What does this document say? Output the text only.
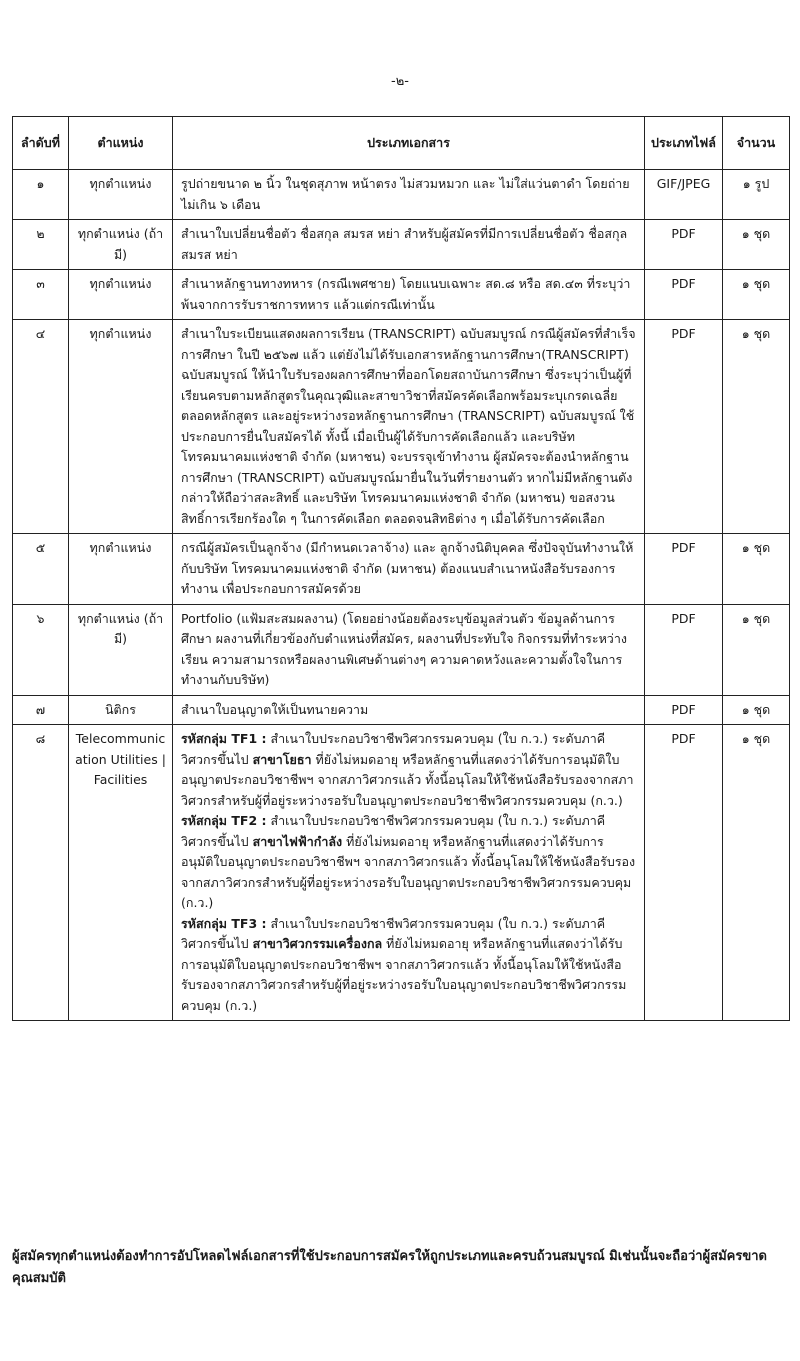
-๒-
ลำดับที่	ตำแหน่ง	ประเภทเอกสาร	ประเภทไฟล์	จำนวน
๑	ทุกตำแหน่ง	รูปถ่ายขนาด ๒ นิ้ว ในชุดสุภาพ หน้าตรง ไม่สวมหมวก และ ไม่ใส่แว่นตาดำ โดยถ่ายไม่เกิน ๖ เดือน	GIF/JPEG	๑ รูป
๒	ทุกตำแหน่ง (ถ้ามี)	สำเนาใบเปลี่ยนชื่อตัว ชื่อสกุล สมรส หย่า สำหรับผู้สมัครที่มีการเปลี่ยนชื่อตัว ชื่อสกุล สมรส หย่า	PDF	๑ ชุด
๓	ทุกตำแหน่ง	สำเนาหลักฐานทางทหาร (กรณีเพศชาย) โดยแนบเฉพาะ สด.๘ หรือ สด.๔๓ ที่ระบุว่าพ้นจากการรับราชการทหาร แล้วแต่กรณีเท่านั้น	PDF	๑ ชุด
๔	ทุกตำแหน่ง	สำเนาใบระเบียนแสดงผลการเรียน (TRANSCRIPT) ฉบับสมบูรณ์ กรณีผู้สมัครที่สำเร็จการศึกษา ในปี ๒๕๖๗ แล้ว แต่ยังไม่ได้รับเอกสารหลักฐานการศึกษา(TRANSCRIPT) ฉบับสมบูรณ์ ให้นำใบรับรองผลการศึกษาที่ออกโดยสถาบันการศึกษา ซึ่งระบุว่าเป็นผู้ที่เรียนครบตามหลักสูตรในคุณวุฒิและสาขาวิชาที่สมัครคัดเลือกพร้อมระบุเกรดเฉลี่ยตลอดหลักสูตร และอยู่ระหว่างรอหลักฐานการศึกษา (TRANSCRIPT) ฉบับสมบูรณ์ ใช้ประกอบการยื่นใบสมัครได้ ทั้งนี้ เมื่อเป็นผู้ได้รับการคัดเลือกแล้ว และบริษัท โทรคมนาคมแห่งชาติ จำกัด (มหาชน) จะบรรจุเข้าทำงาน ผู้สมัครจะต้องนำหลักฐานการศึกษา (TRANSCRIPT) ฉบับสมบูรณ์มายื่นในวันที่รายงานตัว หากไม่มีหลักฐานดังกล่าวให้ถือว่าสละสิทธิ์ และบริษัท โทรคมนาคมแห่งชาติ จำกัด (มหาชน) ขอสงวนสิทธิ์การเรียกร้องใด ๆ ในการคัดเลือก ตลอดจนสิทธิต่าง ๆ เมื่อได้รับการคัดเลือก	PDF	๑ ชุด
๕	ทุกตำแหน่ง	กรณีผู้สมัครเป็นลูกจ้าง (มีกำหนดเวลาจ้าง) และ ลูกจ้างนิติบุคคล ซึ่งปัจจุบันทำงานให้กับบริษัท โทรคมนาคมแห่งชาติ จำกัด (มหาชน) ต้องแนบสำเนาหนังสือรับรองการทำงาน เพื่อประกอบการสมัครด้วย	PDF	๑ ชุด
๖	ทุกตำแหน่ง (ถ้ามี)	Portfolio (แฟ้มสะสมผลงาน) (โดยอย่างน้อยต้องระบุข้อมูลส่วนตัว ข้อมูลด้านการศึกษา ผลงานที่เกี่ยวข้องกับตำแหน่งที่สมัคร, ผลงานที่ประทับใจ กิจกรรมที่ทำระหว่างเรียน ความสามารถหรือผลงานพิเศษด้านต่างๆ ความคาดหวังและความตั้งใจในการทำงานกับบริษัท)	PDF	๑ ชุด
๗	นิติกร	สำเนาใบอนุญาตให้เป็นทนายความ	PDF	๑ ชุด
๘	Telecommunication Utilities | Facilities	รหัสกลุ่ม TF1 : สำเนาใบประกอบวิชาชีพวิศวกรรมควบคุม (ใบ ก.ว.) ระดับภาคีวิศวกรขึ้นไป สาขาโยธา ที่ยังไม่หมดอายุ หรือหลักฐานที่แสดงว่าได้รับการอนุมัติใบอนุญาตประกอบวิชาชีพฯ จากสภาวิศวกรแล้ว ทั้งนี้อนุโลมให้ใช้หนังสือรับรองจากสภาวิศวกรสำหรับผู้ที่อยู่ระหว่างรอรับใบอนุญาตประกอบวิชาชีพวิศวกรรมควบคุม (ก.ว.)

รหัสกลุ่ม TF2 : สำเนาใบประกอบวิชาชีพวิศวกรรมควบคุม (ใบ ก.ว.) ระดับภาคีวิศวกรขึ้นไป สาขาไฟฟ้ากำลัง ที่ยังไม่หมดอายุ หรือหลักฐานที่แสดงว่าได้รับการอนุมัติใบอนุญาตประกอบวิชาชีพฯ จากสภาวิศวกรแล้ว ทั้งนี้อนุโลมให้ใช้หนังสือรับรองจากสภาวิศวกรสำหรับผู้ที่อยู่ระหว่างรอรับใบอนุญาตประกอบวิชาชีพวิศวกรรมควบคุม (ก.ว.)

รหัสกลุ่ม TF3 : สำเนาใบประกอบวิชาชีพวิศวกรรมควบคุม (ใบ ก.ว.) ระดับภาคีวิศวกรขึ้นไป สาขาวิศวกรรมเครื่องกล ที่ยังไม่หมดอายุ หรือหลักฐานที่แสดงว่าได้รับการอนุมัติใบอนุญาตประกอบวิชาชีพฯ จากสภาวิศวกรแล้ว ทั้งนี้อนุโลมให้ใช้หนังสือรับรองจากสภาวิศวกรสำหรับผู้ที่อยู่ระหว่างรอรับใบอนุญาตประกอบวิชาชีพวิศวกรรมควบคุม (ก.ว.)	PDF	๑ ชุด
ผู้สมัครทุกตำแหน่งต้องทำการอัปโหลดไฟล์เอกสารที่ใช้ประกอบการสมัครให้ถูกประเภทและครบถ้วนสมบูรณ์ มิเช่นนั้นจะถือว่าผู้สมัครขาดคุณสมบัติ
